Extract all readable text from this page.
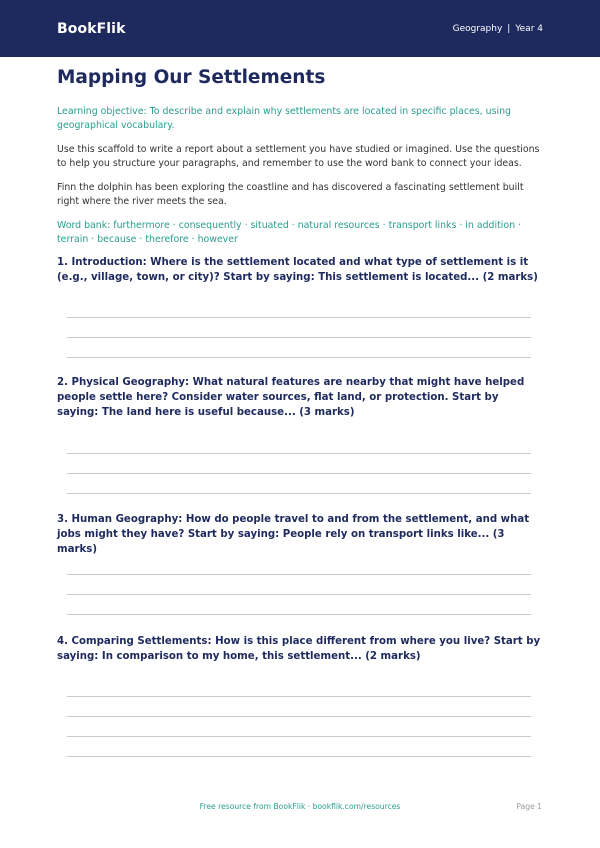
BookFlik	Geography | Year 4
Mapping Our Settlements

Learning objective: To describe and explain why settlements are located in specific places, using geographical vocabulary.

Use this scaffold to write a report about a settlement you have studied or imagined. Use the questions to help you structure your paragraphs, and remember to use the word bank to connect your ideas.

Finn the dolphin has been exploring the coastline and has discovered a fascinating settlement built right where the river meets the sea.

Word bank: furthermore · consequently · situated · natural resources · transport links · in addition · terrain · because · therefore · however

1. Introduction: Where is the settlement located and what type of settlement is it (e.g., village, town, or city)? Start by saying: This settlement is located... (2 marks)

2. Physical Geography: What natural features are nearby that might have helped people settle here? Consider water sources, flat land, or protection. Start by saying: The land here is useful because... (3 marks)

3. Human Geography: How do people travel to and from the settlement, and what jobs might they have? Start by saying: People rely on transport links like... (3 marks)

4. Comparing Settlements: How is this place different from where you live? Start by saying: In comparison to my home, this settlement... (2 marks)

Free resource from BookFlik · bookflik.com/resources	Page 1
